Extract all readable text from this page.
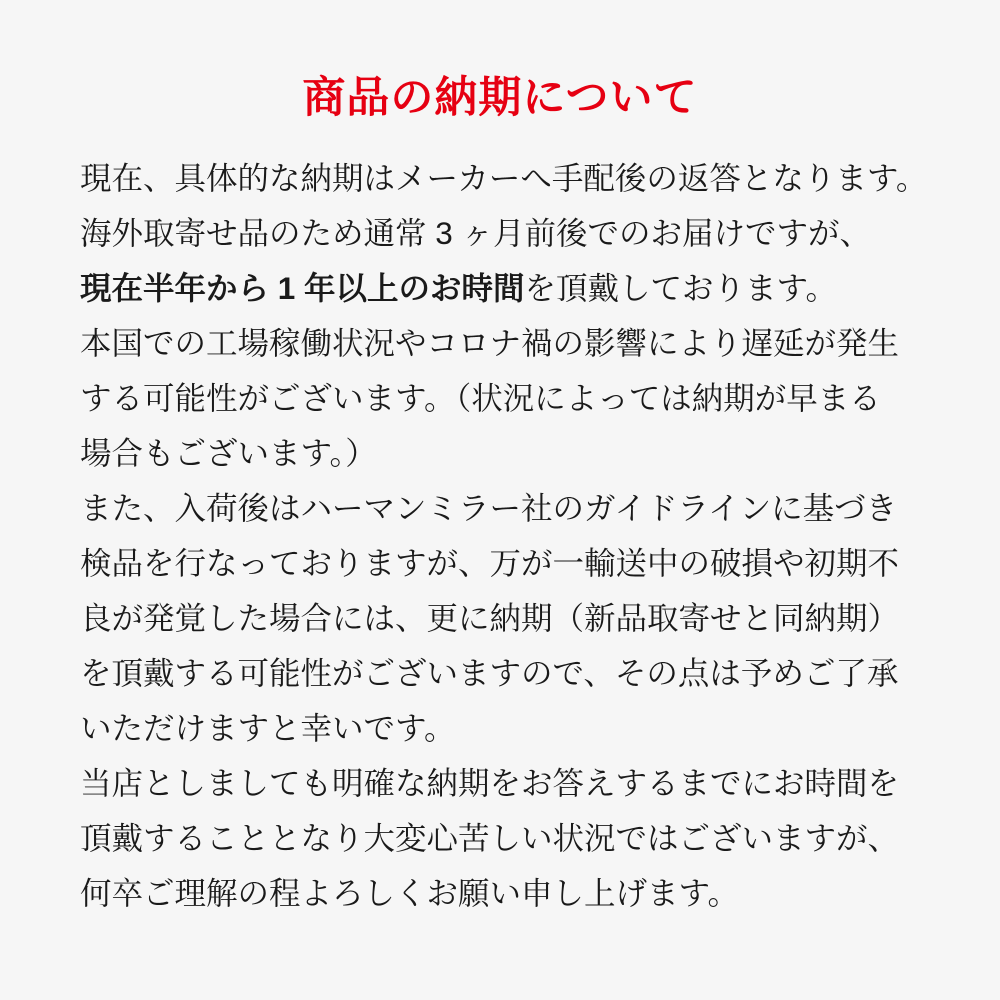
商品の納期について
現在、具体的な納期はメーカーへ手配後の返答となります。
海外取寄せ品のため通常 3 ヶ月前後でのお届けですが、
現在半年から 1 年以上のお時間を頂戴しております。
本国での工場稼働状況やコロナ禍の影響により遅延が発生
する可能性がございます。（状況によっては納期が早まる
場合もございます。）
また、入荷後はハーマンミラー社のガイドラインに基づき
検品を行なっておりますが、万が一輸送中の破損や初期不
良が発覚した場合には、更に納期（新品取寄せと同納期）
を頂戴する可能性がございますので、その点は予めご了承
いただけますと幸いです。
当店としましても明確な納期をお答えするまでにお時間を
頂戴することとなり大変心苦しい状況ではございますが、
何卒ご理解の程よろしくお願い申し上げます。
